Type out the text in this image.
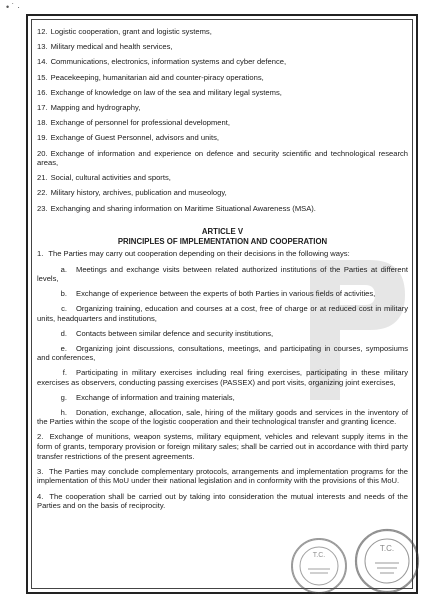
• ˙ ·
12. Logistic cooperation, grant and logistic systems,
13. Military medical and health services,
14. Communications, electronics, information systems and cyber defence,
15. Peacekeeping, humanitarian aid and counter-piracy operations,
16. Exchange of knowledge on law of the sea and military legal systems,
17. Mapping and hydrography,
18. Exchange of personnel for professional development,
19. Exchange of Guest Personnel, advisors and units,
20. Exchange of information and experience on defence and security scientific and technological research areas,
21. Social, cultural activities and sports,
22. Military history, archives, publication and museology,
23. Exchanging and sharing information on Maritime Situational Awareness (MSA).
ARTICLE V
PRINCIPLES OF IMPLEMENTATION AND COOPERATION
1. The Parties may carry out cooperation depending on their decisions in the following ways:
a. Meetings and exchange visits between related authorized institutions of the Parties at different levels,
b. Exchange of experience between the experts of both Parties in various fields of activities,
c. Organizing training, education and courses at a cost, free of charge or at reduced cost in military units, headquarters and institutions,
d. Contacts between similar defence and security institutions,
e. Organizing joint discussions, consultations, meetings, and participating in courses, symposiums and conferences,
f. Participating in military exercises including real firing exercises, participating in these military exercises as observers, conducting passing exercises (PASSEX) and port visits, organizing joint exercises,
g. Exchange of information and training materials,
h. Donation, exchange, allocation, sale, hiring of the military goods and services in the inventory of the Parties within the scope of the logistic cooperation and their technological transfer and granting licence.
2. Exchange of munitions, weapon systems, military equipment, vehicles and relevant supply items in the form of grants, temporary provision or foreign military sales; shall be carried out in accordance with third party transfer restrictions of the present agreements.
3. The Parties may conclude complementary protocols, arrangements and implementation programs for the implementation of this MoU under their national legislation and in conformity with the provisions of this MoU.
4. The cooperation shall be carried out by taking into consideration the mutual interests and needs of the Parties and on the basis of reciprocity.
T.C.
T.C.
